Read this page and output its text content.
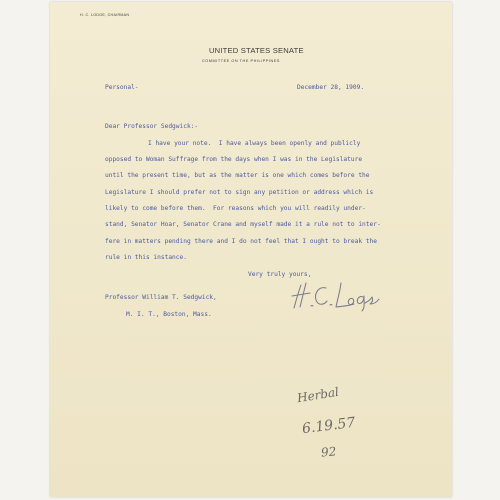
H. C. LODGE, CHAIRMAN
UNITED STATES SENATE
COMMITTEE ON THE PHILIPPINES
Personal-	December 28, 1909.
Dear Professor Sedgwick:-
I have your note.  I have always been openly and publicly
opposed to Woman Suffrage from the days when I was in the Legislature
until the present time, but as the matter is one which comes before the
Legislature I should prefer not to sign any petition or address which is
likely to come before them.  For reasons which you will readily under-
stand, Senator Hoar, Senator Crane and myself made it a rule not to inter-
fere in matters pending there and I do not feel that I ought to break the
rule in this instance.
Very truly yours,
Professor William T. Sedgwick,
M. I. T., Boston, Mass.
Herbal
6.19.57
92
